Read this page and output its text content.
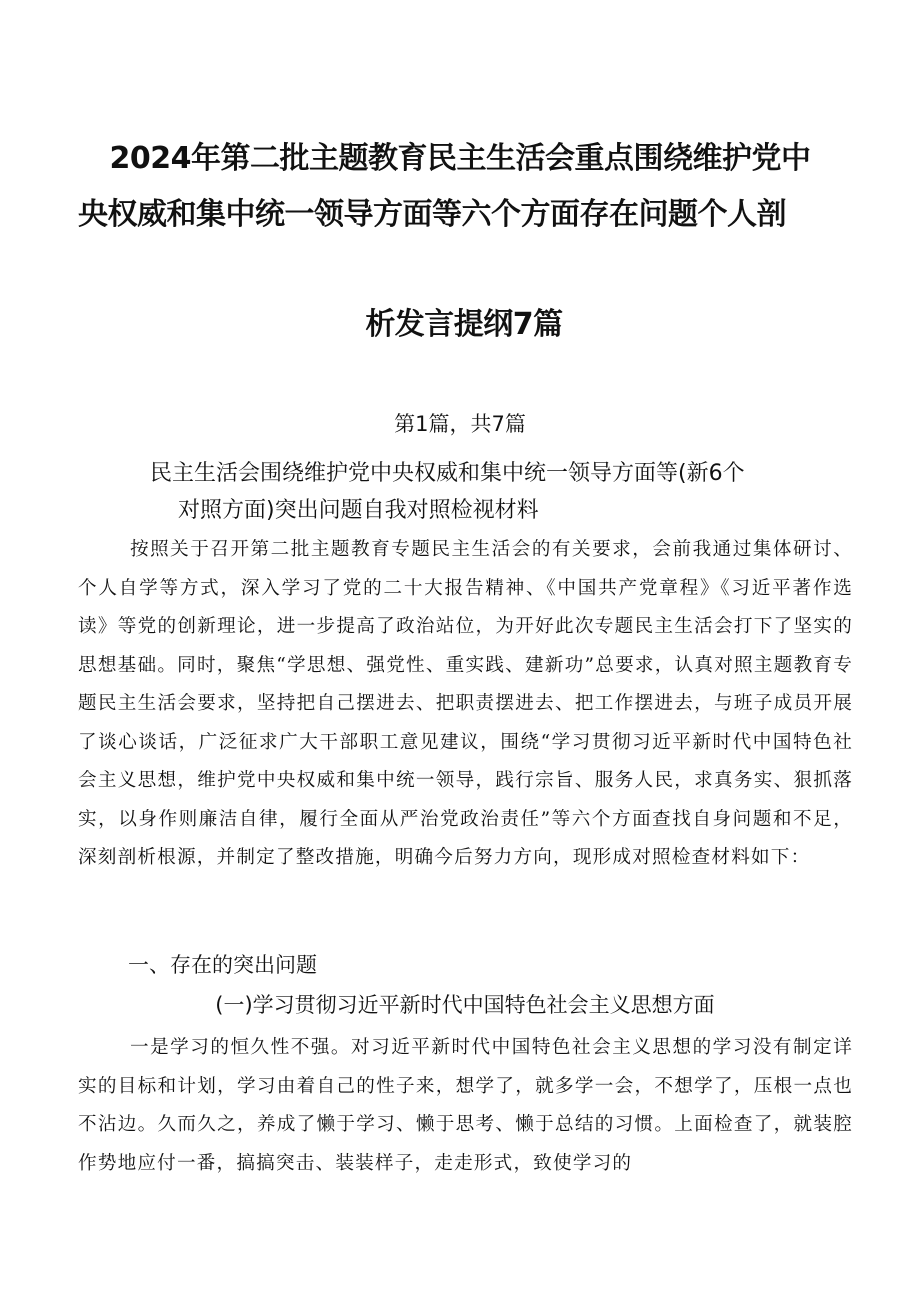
2024年第二批主题教育民主生活会重点围绕维护党中
央权威和集中统一领导方面等六个方面存在问题个人剖
析发言提纲7篇
第1篇，共7篇
民主生活会围绕维护党中央权威和集中统一领导方面等(新6个
对照方面)突出问题自我对照检视材料

按照关于召开第二批主题教育专题民主生活会的有关要求，会前我通过集体研讨、个人自学等方式，深入学习了党的二十大报告精神、《中国共产党章程》《习近平著作选读》等党的创新理论，进一步提高了政治站位，为开好此次专题民主生活会打下了坚实的思想基础。同时，聚焦“学思想、强党性、重实践、建新功”总要求，认真对照主题教育专题民主生活会要求，坚持把自己摆进去、把职责摆进去、把工作摆进去，与班子成员开展了谈心谈话，广泛征求广大干部职工意见建议，围绕“学习贯彻习近平新时代中国特色社会主义思想，维护党中央权威和集中统一领导，践行宗旨、服务人民，求真务实、狠抓落实，以身作则廉洁自律，履行全面从严治党政治责任”等六个方面查找自身问题和不足，深刻剖析根源，并制定了整改措施，明确今后努力方向，现形成对照检查材料如下：

一、存在的突出问题
(一)学习贯彻习近平新时代中国特色社会主义思想方面

一是学习的恒久性不强。对习近平新时代中国特色社会主义思想的学习没有制定详实的目标和计划，学习由着自己的性子来，想学了，就多学一会，不想学了，压根一点也不沾边。久而久之，养成了懒于学习、懒于思考、懒于总结的习惯。上面检查了，就装腔作势地应付一番，搞搞突击、装装样子，走走形式，致使学习的
